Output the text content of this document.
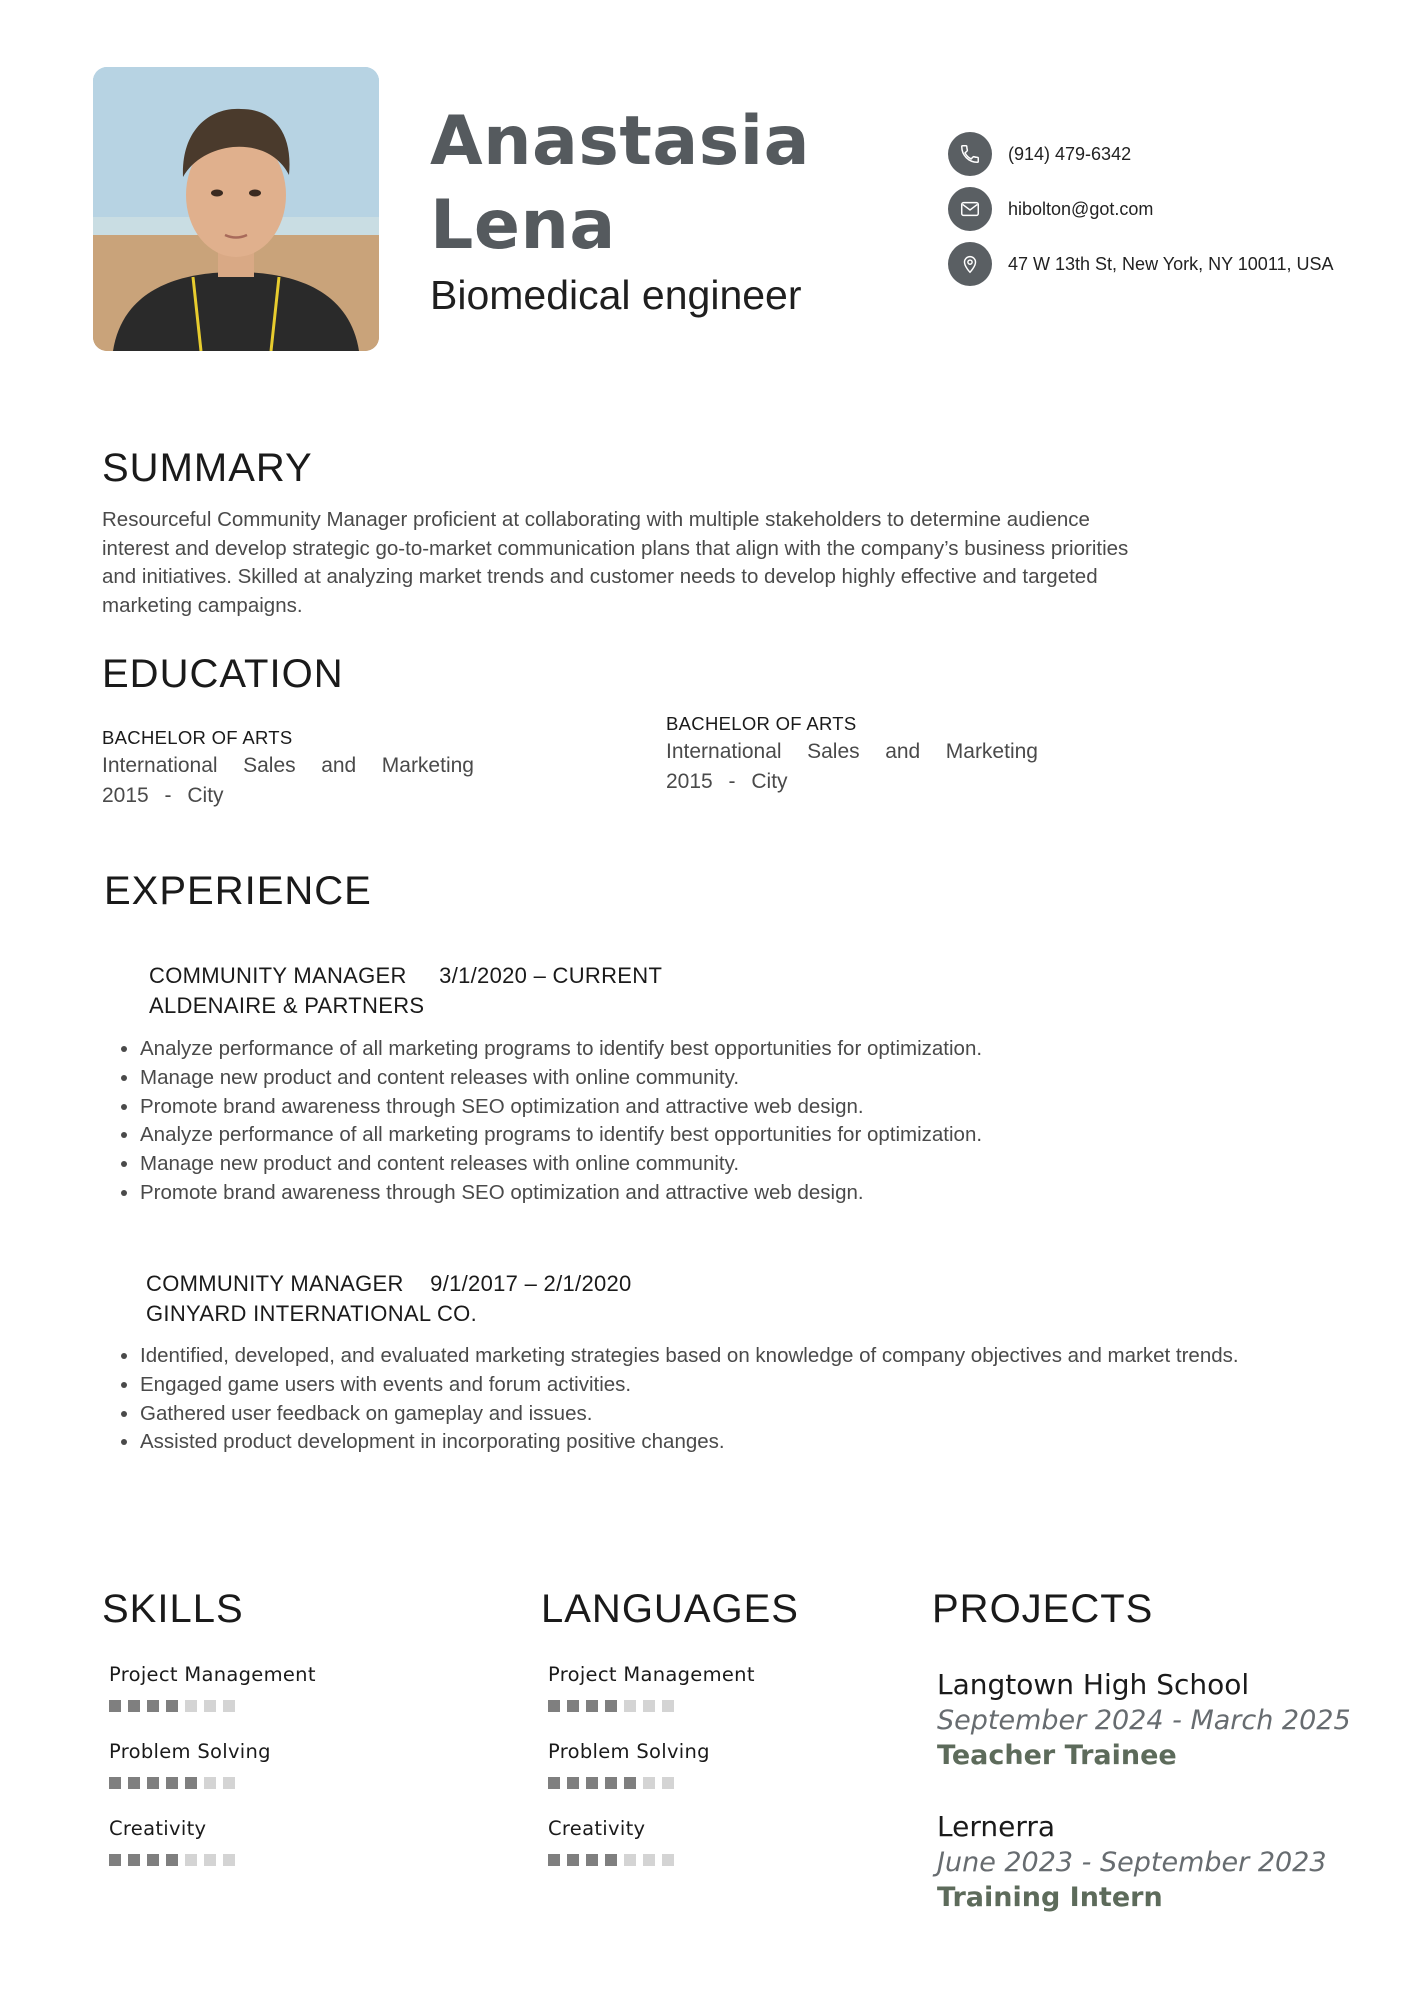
Anastasia
Lena
Biomedical engineer
(914) 479-6342
hibolton@got.com
47 W 13th St, New York, NY 10011, USA
SUMMARY
Resourceful Community Manager proficient at collaborating with multiple stakeholders to determine audience
interest and develop strategic go-to-market communication plans that align with the company’s business priorities
and initiatives. Skilled at analyzing market trends and customer needs to develop highly effective and targeted
marketing campaigns.
EDUCATION
BACHELOR OF ARTS
International Sales and Marketing
2015 - City
BACHELOR OF ARTS
International Sales and Marketing
2015 - City
EXPERIENCE
COMMUNITY MANAGER 3/1/2020 – CURRENT
ALDENAIRE & PARTNERS
• Analyze performance of all marketing programs to identify best opportunities for optimization.
• Manage new product and content releases with online community.
• Promote brand awareness through SEO optimization and attractive web design.
• Analyze performance of all marketing programs to identify best opportunities for optimization.
• Manage new product and content releases with online community.
• Promote brand awareness through SEO optimization and attractive web design.
COMMUNITY MANAGER 9/1/2017 – 2/1/2020
GINYARD INTERNATIONAL CO.
• Identified, developed, and evaluated marketing strategies based on knowledge of company objectives and market trends.
• Engaged game users with events and forum activities.
• Gathered user feedback on gameplay and issues.
• Assisted product development in incorporating positive changes.
SKILLS
Project Management
Problem Solving
Creativity
LANGUAGES
Project Management
Problem Solving
Creativity
PROJECTS
Langtown High School
September 2024 - March 2025
Teacher Trainee
Lernerra
June 2023 - September 2023
Training Intern
